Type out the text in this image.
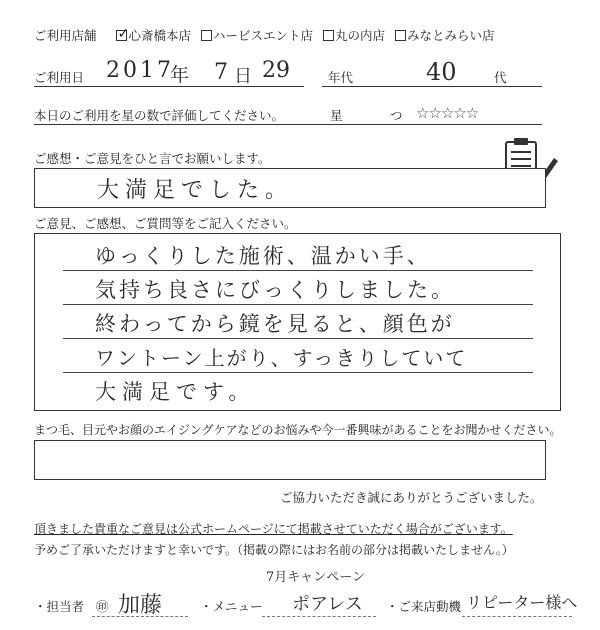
ご利用店舗  ✓	心斎橋本店 ハービスエント店 丸の内店 みなとみらい店
ご利用日 2017
年 7 日 29	年代	40	代
本日のご利用を星の数で評価してください。	星	つ ☆☆☆☆☆
ご感想・ご意見をひと言でお願いします。
大満足でした。
ご意見、ご感想、ご質問等をご記入ください。
ゆっくりした施術、温かい手、
気持ち良さにびっくりしました。
終わってから鏡を見ると、顔色が
ワントーン上がり、すっきりしていて
大満足です。
まつ毛、目元やお顔のエイジングケアなどのお悩みや今一番興味があることをお聞かせください。
ご協力いただき誠にありがとうございました。
頂きました貴重なご意見は公式ホームページにて掲載させていただく場合がございます。
予めご了承いただけますと幸いです。（掲載の際にはお名前の部分は掲載いたしません。）
・担当者 ㊞ 加藤	・メニュー
7月キャンペーン
ポアレス ・ご来店動機 リピーター様へ
